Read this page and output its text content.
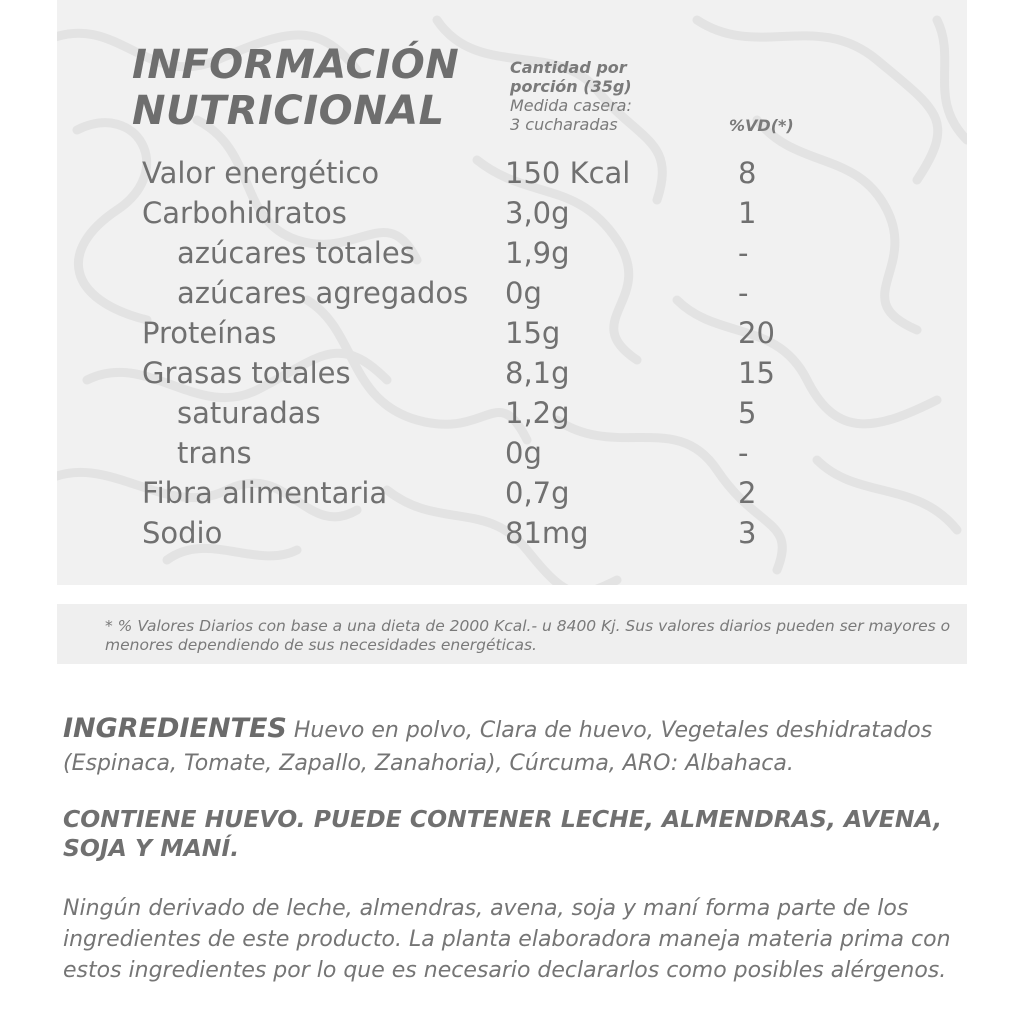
INFORMACIÓN
NUTRICIONAL
Cantidad por
porción (35g)
Medida casera:
3 cucharadas	%VD(*)
Valor energético	150 Kcal	8
Carbohidratos	3,0g	1
azúcares totales	1,9g	-
azúcares agregados 0g	-
Proteínas	15g	20
Grasas totales	8,1g	15
saturadas	1,2g	5
trans	0g	-
Fibra alimentaria	0,7g	2
Sodio	81mg	3

* % Valores Diarios con base a una dieta de 2000 Kcal.- u 8400 Kj. Sus valores diarios pueden ser mayores o menores dependiendo de sus necesidades energéticas.

INGREDIENTES Huevo en polvo, Clara de huevo, Vegetales deshidratados (Espinaca, Tomate, Zapallo, Zanahoria), Cúrcuma, ARO: Albahaca.

CONTIENE HUEVO. PUEDE CONTENER LECHE, ALMENDRAS, AVENA, SOJA Y MANÍ.

Ningún derivado de leche, almendras, avena, soja y maní forma parte de los ingredientes de este producto. La planta elaboradora maneja materia prima con estos ingredientes por lo que es necesario declararlos como posibles alérgenos.
